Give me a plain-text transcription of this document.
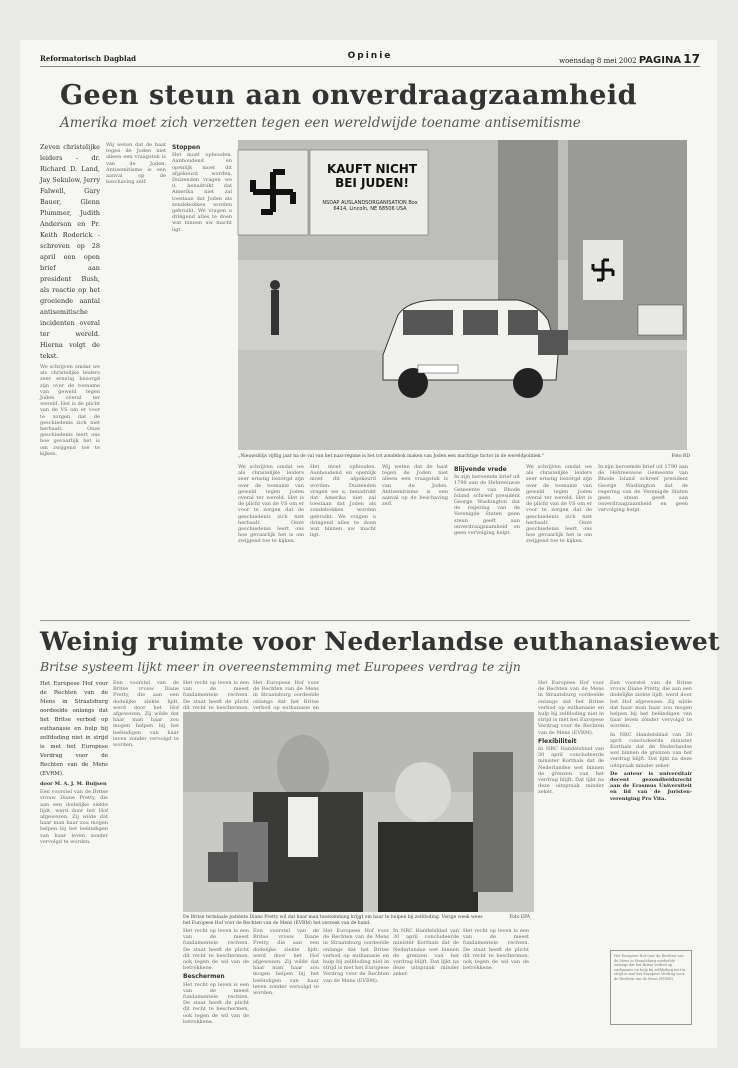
Reformatorisch Dagblad	Opinie	woensdag 8 mei 2002 PAGINA 17
Geen steun aan onverdraagzaamheid
Amerika moet zich verzetten tegen een wereldwijde toename antisemitisme

Zeven christelijke leiders - dr. Richard D. Land, Jay Sekulow, Jerry Falwell, Gary Bauer, Glenn Plummer, Judith Anderson en Pr. Keith Roderick - schreven op 28 april een open brief aan president Bush, als reactie op het groeiende aantal antisemitische incidenten overal ter wereld. Hierna volgt de tekst.

We schrijven omdat we als christelijke leiders zeer ernstig bezorgd zijn over de toename van geweld tegen Joden overal ter wereld. Het is de plicht van de VS om er voor te zorgen dat de geschiedenis zich niet herhaalt. Onze geschiedenis leert ons hoe gevaarlijk het is om zwijgend toe te kijken.

Wij weten dat de haat tegen de Joden niet alleen een vraagstuk is van de Joden. Antisemitisme is een aanval op de beschaving zelf.

Stoppen

Het moet ophouden. Aanhoudend en openlijk moet dit afgekeurd worden. Duizenden vragen we u, benadrukt dat Amerika niet zal toestaan dat Joden als zondebokken worden gebruikt. We vragen u dringend alles te doen wat binnen uw macht ligt.

KAUFT NICHT BEI JUDEN!
NSDAP AUSLANDSORGANISATION Box 6414, Lincoln, NE 68506 USA
„Nieuwsblijs vijftig jaar na de val van het nazi-regime is het tot zondebok maken van Joden een machtige factor in de wereldpolitiek."	Foto RD

We schrijven omdat we als christelijke leiders zeer ernstig bezorgd zijn over de toename van geweld tegen Joden overal ter wereld. Het is de plicht van de VS om er voor te zorgen dat de geschiedenis zich niet herhaalt. Onze geschiedenis leert ons hoe gevaarlijk het is om zwijgend toe te kijken.

Het moet ophouden. Aanhoudend en openlijk moet dit afgekeurd worden. Duizenden vragen we u, benadrukt dat Amerika niet zal toestaan dat Joden als zondebokken worden gebruikt. We vragen u dringend alles te doen wat binnen uw macht ligt.

Wij weten dat de haat tegen de Joden niet alleen een vraagstuk is van de Joden. Antisemitisme is een aanval op de beschaving zelf.

Blijvende vrede

In zijn beroemde brief uit 1790 aan de Hebreeuwse Gemeente van Rhode Island schreef president George Washington dat de regering van de Verenigde Staten geen steun geeft aan onverdraagzaamheid en geen vervolging helpt.

We schrijven omdat we als christelijke leiders zeer ernstig bezorgd zijn over de toename van geweld tegen Joden overal ter wereld. Het is de plicht van de VS om er voor te zorgen dat de geschiedenis zich niet herhaalt. Onze geschiedenis leert ons hoe gevaarlijk het is om zwijgend toe te kijken.

In zijn beroemde brief uit 1790 aan de Hebreeuwse Gemeente van Rhode Island schreef president George Washington dat de regering van de Verenigde Staten geen steun geeft aan onverdraagzaamheid en geen vervolging helpt.

Weinig ruimte voor Nederlandse euthanasiewet
Britse systeem lijkt meer in overeenstemming met Europees verdrag te zijn

Het Europese Hof voor de Rechten van de Mens in Straatsburg oordeelde onlangs dat het Britse verbod op euthanasie en hulp bij zelfdoding niet in strijd is met het Europese Verdrag voor de Rechten van de Mens (EVRM).

door M. A. J. M. Buijsen

Een voorstel van de Britse vrouw Diane Pretty, die aan een dodelijke ziekte lijdt, werd door het Hof afgewezen. Zij wilde dat haar man haar zou mogen helpen bij het beëindigen van haar leven zonder vervolgd te worden.

Een voorstel van de Britse vrouw Diane Pretty, die aan een dodelijke ziekte lijdt, werd door het Hof afgewezen. Zij wilde dat haar man haar zou mogen helpen bij het beëindigen van haar leven zonder vervolgd te worden.

Het recht op leven is een van de meest fundamentele rechten. De staat heeft de plicht dit recht te beschermen,

Het Europese Hof voor de Rechten van de Mens in Straatsburg oordeelde onlangs dat het Britse verbod op euthanasie en

De Britse terminale patiënte Diane Pretty wil dat haar man toestemming krijgt om haar te helpen bij zelfdoding. Vorige week wees het Europese Hof voor de Rechten van de Mens (EVRM) het verzoek van de hand.
Foto EPA

Het recht op leven is een van de meest fundamentele rechten. De staat heeft de plicht dit recht te beschermen, ook tegen de wil van de betrokkene.

Beschermen

Het recht op leven is een van de meest fundamentele rechten. De staat heeft de plicht dit recht te beschermen, ook tegen de wil van de betrokkene.

Een voorstel van de Britse vrouw Diane Pretty, die aan een dodelijke ziekte lijdt, werd door het Hof afgewezen. Zij wilde dat haar man haar zou mogen helpen bij het beëindigen van haar leven zonder vervolgd te worden.

Het Europese Hof voor de Rechten van de Mens in Straatsburg oordeelde onlangs dat het Britse verbod op euthanasie en hulp bij zelfdoding niet in strijd is met het Europese Verdrag voor de Rechten van de Mens (EVRM).

In NRC Handelsblad van 30 april concludeerde minister Korthals dat de Nederlandse wet binnen de grenzen van het verdrag blijft. Dat lijkt na deze uitspraak minder zeker.

Het recht op leven is een van de meest fundamentele rechten. De staat heeft de plicht dit recht te beschermen, ook tegen de wil van de betrokkene.

Het Europese Hof voor de Rechten van de Mens in Straatsburg oordeelde onlangs dat het Britse verbod op euthanasie en hulp bij zelfdoding niet in strijd is met het Europese Verdrag voor de Rechten van de Mens (EVRM).

Flexibiliteit

In NRC Handelsblad van 30 april concludeerde minister Korthals dat de Nederlandse wet binnen de grenzen van het verdrag blijft. Dat lijkt na deze uitspraak minder zeker.

Een voorstel van de Britse vrouw Diane Pretty, die aan een dodelijke ziekte lijdt, werd door het Hof afgewezen. Zij wilde dat haar man haar zou mogen helpen bij het beëindigen van haar leven zonder vervolgd te worden.

In NRC Handelsblad van 30 april concludeerde minister Korthals dat de Nederlandse wet binnen de grenzen van het verdrag blijft. Dat lijkt na deze uitspraak minder zeker.

De auteur is universitair docent gezondheidsrecht aan de Erasmus Universiteit en lid van de Juristen-vereniging Pro Vita.

Het Europese Hof voor de Rechten van de Mens in Straatsburg oordeelde onlangs dat het Britse verbod op euthanasie en hulp bij zelfdoding niet in strijd is met het Europese Verdrag voor de Rechten van de Mens (EVRM).
